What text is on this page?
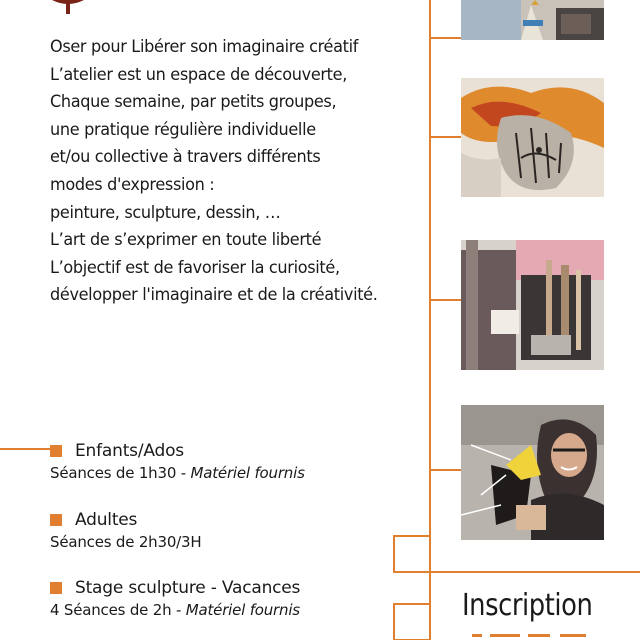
Oser pour Libérer son imaginaire créatif
L’atelier est un espace de découverte,
Chaque semaine, par petits groupes,
une pratique régulière individuelle
et/ou collective à travers différents
modes d'expression :
peinture, sculpture, dessin, …
L’art de s’exprimer en toute liberté
L’objectif est de favoriser la curiosité,
développer l'imaginaire et de la créativité.
Enfants/Ados
Séances de 1h30 - Matériel fournis
Adultes
Séances de 2h30/3H
Stage sculpture - Vacances
4 Séances de 2h - Matériel fournis	Inscription
